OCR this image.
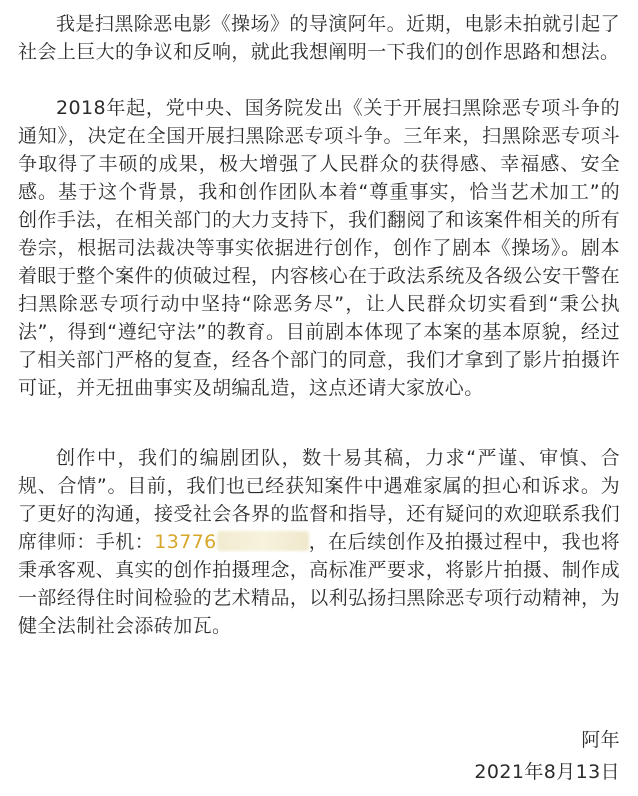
我是扫黑除恶电影《操场》的导演阿年。近期，电影未拍就引起了社会上巨大的争议和反响，就此我想阐明一下我们的创作思路和想法。

2018年起，党中央、国务院发出《关于开展扫黑除恶专项斗争的通知》，决定在全国开展扫黑除恶专项斗争。三年来，扫黑除恶专项斗争取得了丰硕的成果，极大增强了人民群众的获得感、幸福感、安全感。基于这个背景，我和创作团队本着“尊重事实，恰当艺术加工”的创作手法，在相关部门的大力支持下，我们翻阅了和该案件相关的所有卷宗，根据司法裁决等事实依据进行创作，创作了剧本《操场》。剧本着眼于整个案件的侦破过程，内容核心在于政法系统及各级公安干警在扫黑除恶专项行动中坚持“除恶务尽”，让人民群众切实看到“秉公执法”，得到“遵纪守法”的教育。目前剧本体现了本案的基本原貌，经过了相关部门严格的复查，经各个部门的同意，我们才拿到了影片拍摄许可证，并无扭曲事实及胡编乱造，这点还请大家放心。

创作中，我们的编剧团队，数十易其稿，力求“严谨、审慎、合规、合情”。目前，我们也已经获知案件中遇难家属的担心和诉求。为了更好的沟通，接受社会各界的监督和指导，还有疑问的欢迎联系我们席律师：手机：13776	，在后续创作及拍摄过程中，我也将秉承客观、真实的创作拍摄理念，高标准严要求，将影片拍摄、制作成一部经得住时间检验的艺术精品，以利弘扬扫黑除恶专项行动精神，为健全法制社会添砖加瓦。

阿年
2021年8月13日
